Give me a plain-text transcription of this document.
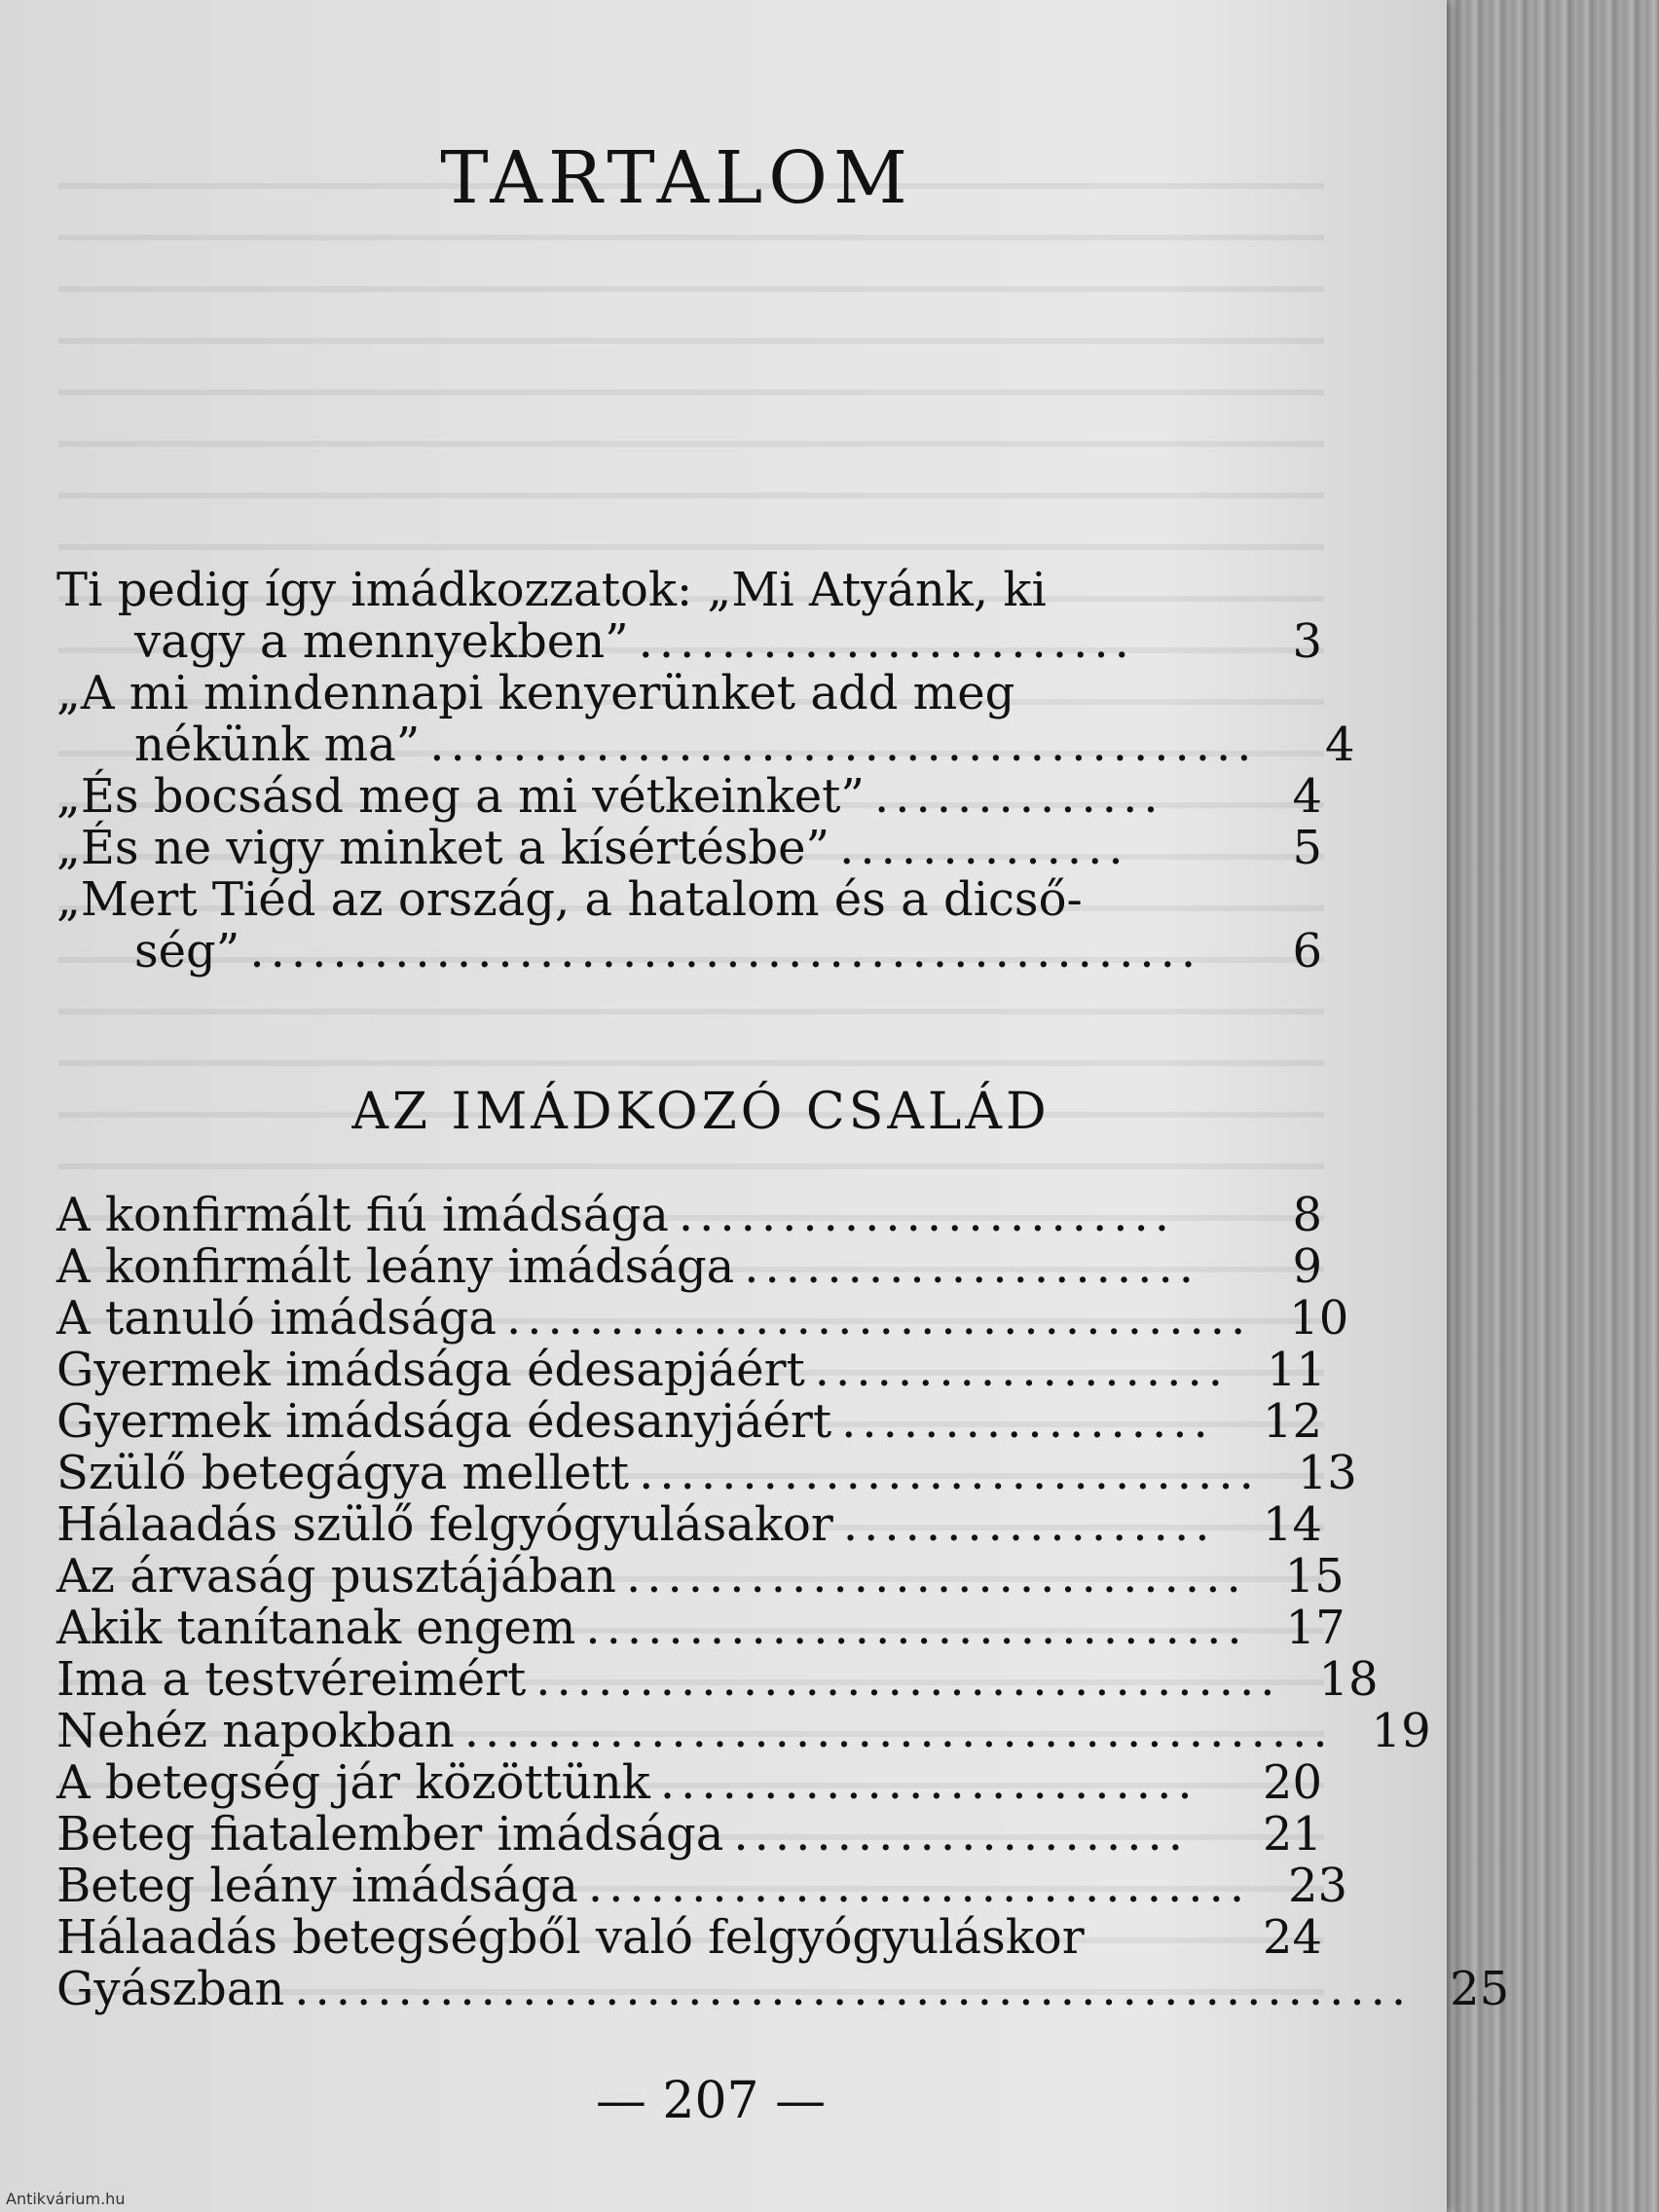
TARTALOM
Ti pedig így imádkozzatok: „Mi Atyánk, ki
vagy a mennyekben” ........................	3
„A mi mindennapi kenyerünket add meg
nékünk ma” ........................................	4
„És bocsásd meg a mi vétkeinket” ..............	4
„És ne vigy minket a kísértésbe” ..............	5
„Mert Tiéd az ország, a hatalom és a dicső-
ség” ..............................................	6
AZ IMÁDKOZÓ CSALÁD
A konfirmált fiú imádsága ........................	8
A konfirmált leány imádsága ......................	9
A tanuló imádsága .................................... 10
Gyermek imádsága édesapjáért .................... 11
Gyermek imádsága édesanyjáért ..................	12
Szülő betegágya mellett .............................. 13
Hálaadás szülő felgyógyulásakor ..................	14
Az árvaság pusztájában .............................. 15
Akik tanítanak engem ................................ 17
Ima a testvéreimért .................................... 18
Nehéz napokban .......................................... 19
A betegség jár közöttünk ..........................	20
Beteg fiatalember imádsága ......................	21
Beteg leány imádsága ................................ 23
Hálaadás betegségből való felgyógyuláskor	24
Gyászban ...................................................... 25
— 207 —
Antikvárium.hu
